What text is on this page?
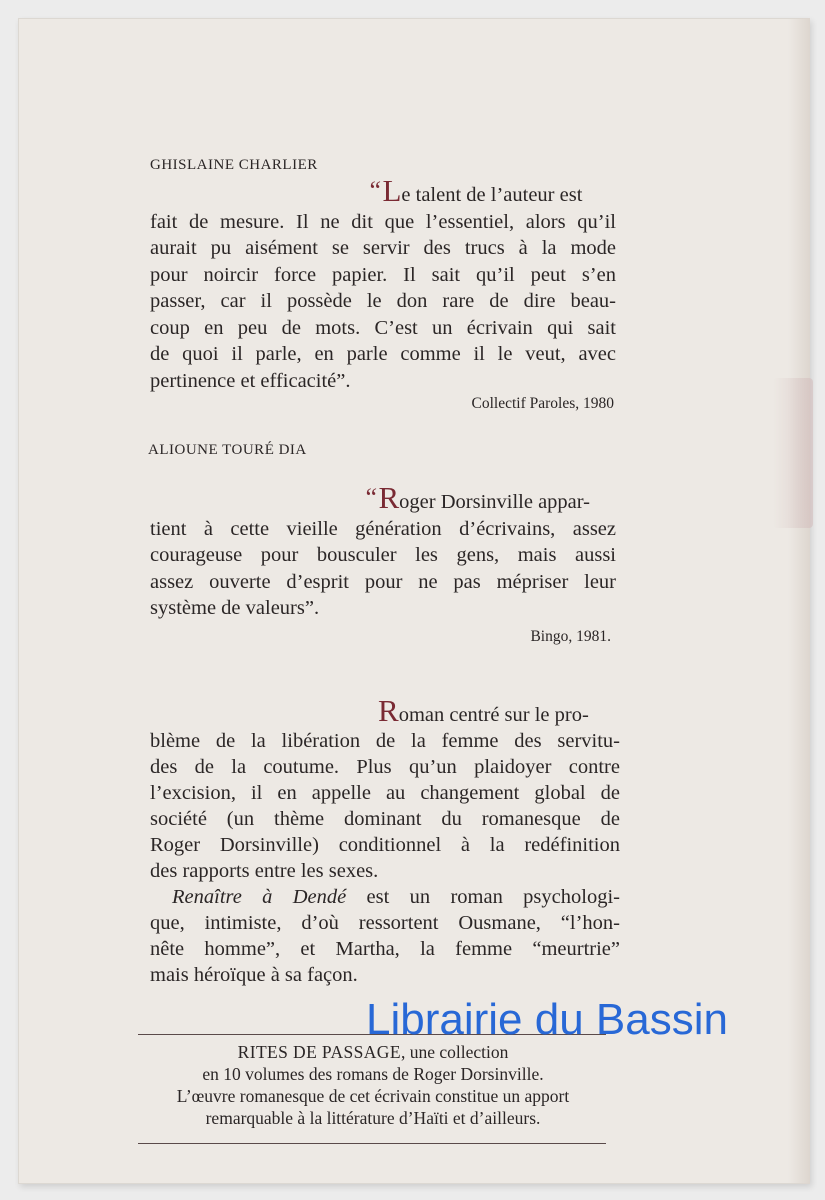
GHISLAINE CHARLIER

“Le talent de l’auteur est
fait de mesure. Il ne dit que l’essentiel, alors qu’il
aurait pu aisément se servir des trucs à la mode
pour noircir force papier. Il sait qu’il peut s’en
passer, car il possède le don rare de dire beau-
coup en peu de mots. C’est un écrivain qui sait
de quoi il parle, en parle comme il le veut, avec
pertinence et efficacité”.

Collectif Paroles, 1980

ALIOUNE TOURÉ DIA

“Roger Dorsinville appar-
tient à cette vieille génération d’écrivains, assez
courageuse pour bousculer les gens, mais aussi
assez ouverte d’esprit pour ne pas mépriser leur
système de valeurs”.

Bingo, 1981.

Roman centré sur le pro-
blème de la libération de la femme des servitu-
des de la coutume. Plus qu’un plaidoyer contre
l’excision, il en appelle au changement global de
société (un thème dominant du romanesque de
Roger Dorsinville) conditionnel à la redéfinition
des rapports entre les sexes.
Renaître à Dendé est un roman psychologi-
que, intimiste, d’où ressortent Ousmane, “l’hon-
nête homme”, et Martha, la femme “meurtrie”
mais héroïque à sa façon.
RITES DE PASSAGE, une collection
en 10 volumes des romans de Roger Dorsinville.
L’œuvre romanesque de cet écrivain constitue un apport
remarquable à la littérature d’Haïti et d’ailleurs.

Librairie du Bassin
